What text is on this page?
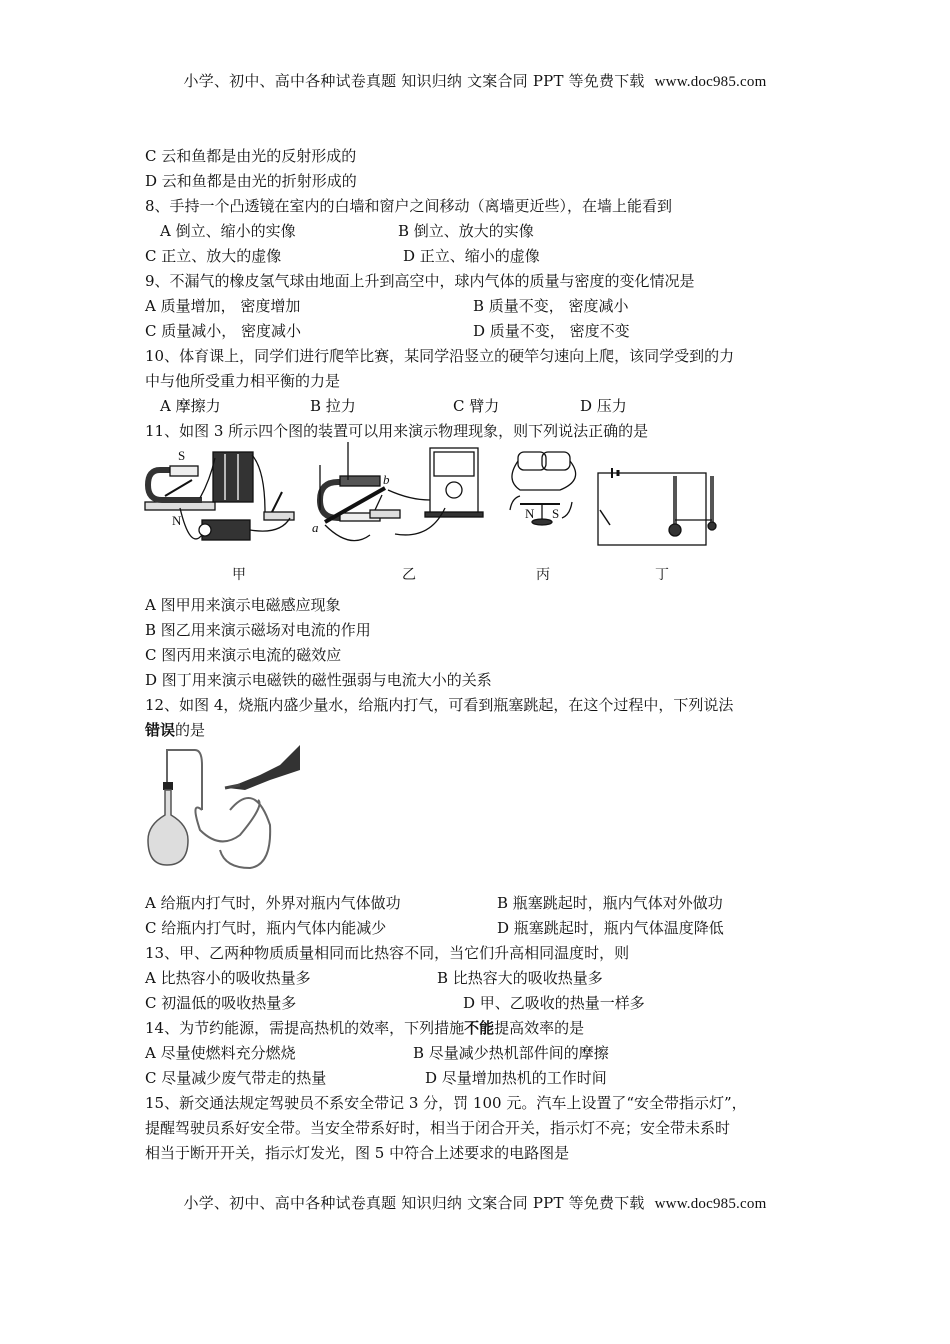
小学、初中、高中各种试卷真题 知识归纳 文案合同 PPT 等免费下载 www.doc985.com
C 云和鱼都是由光的反射形成的
D 云和鱼都是由光的折射形成的
8、手持一个凸透镜在室内的白墙和窗户之间移动（离墙更近些），在墙上能看到
A 倒立、缩小的实像	B 倒立、放大的实像
C 正立、放大的虚像	D 正立、缩小的虚像
9、不漏气的橡皮氢气球由地面上升到高空中，球内气体的质量与密度的变化情况是
A 质量增加， 密度增加	B 质量不变， 密度减小
C 质量减小， 密度减小	D 质量不变， 密度不变
10、体育课上，同学们进行爬竿比赛，某同学沿竖立的硬竿匀速向上爬，该同学受到的力
中与他所受重力相平衡的力是
A 摩擦力	B 拉力	C 臂力	D 压力
11、如图 3 所示四个图的装置可以用来演示物理现象，则下列说法正确的是
S
N	a
b
N S
甲	乙	丙	丁
A 图甲用来演示电磁感应现象
B 图乙用来演示磁场对电流的作用
C 图丙用来演示电流的磁效应
D 图丁用来演示电磁铁的磁性强弱与电流大小的关系
12、如图 4，烧瓶内盛少量水，给瓶内打气，可看到瓶塞跳起，在这个过程中，下列说法
错误的是
A 给瓶内打气时，外界对瓶内气体做功	B 瓶塞跳起时，瓶内气体对外做功
C 给瓶内打气时，瓶内气体内能减少	D 瓶塞跳起时，瓶内气体温度降低
13、甲、乙两种物质质量相同而比热容不同，当它们升高相同温度时，则
A 比热容小的吸收热量多	B 比热容大的吸收热量多
C 初温低的吸收热量多	D 甲、乙吸收的热量一样多
14、为节约能源，需提高热机的效率，下列措施不能提高效率的是
A 尽量使燃料充分燃烧	B 尽量减少热机部件间的摩擦
C 尽量减少废气带走的热量	D 尽量增加热机的工作时间
15、新交通法规定驾驶员不系安全带记 3 分，罚 100 元。汽车上设置了“安全带指示灯”，
提醒驾驶员系好安全带。当安全带系好时，相当于闭合开关，指示灯不亮；安全带未系时
相当于断开开关，指示灯发光，图 5 中符合上述要求的电路图是
小学、初中、高中各种试卷真题 知识归纳 文案合同 PPT 等免费下载 www.doc985.com
